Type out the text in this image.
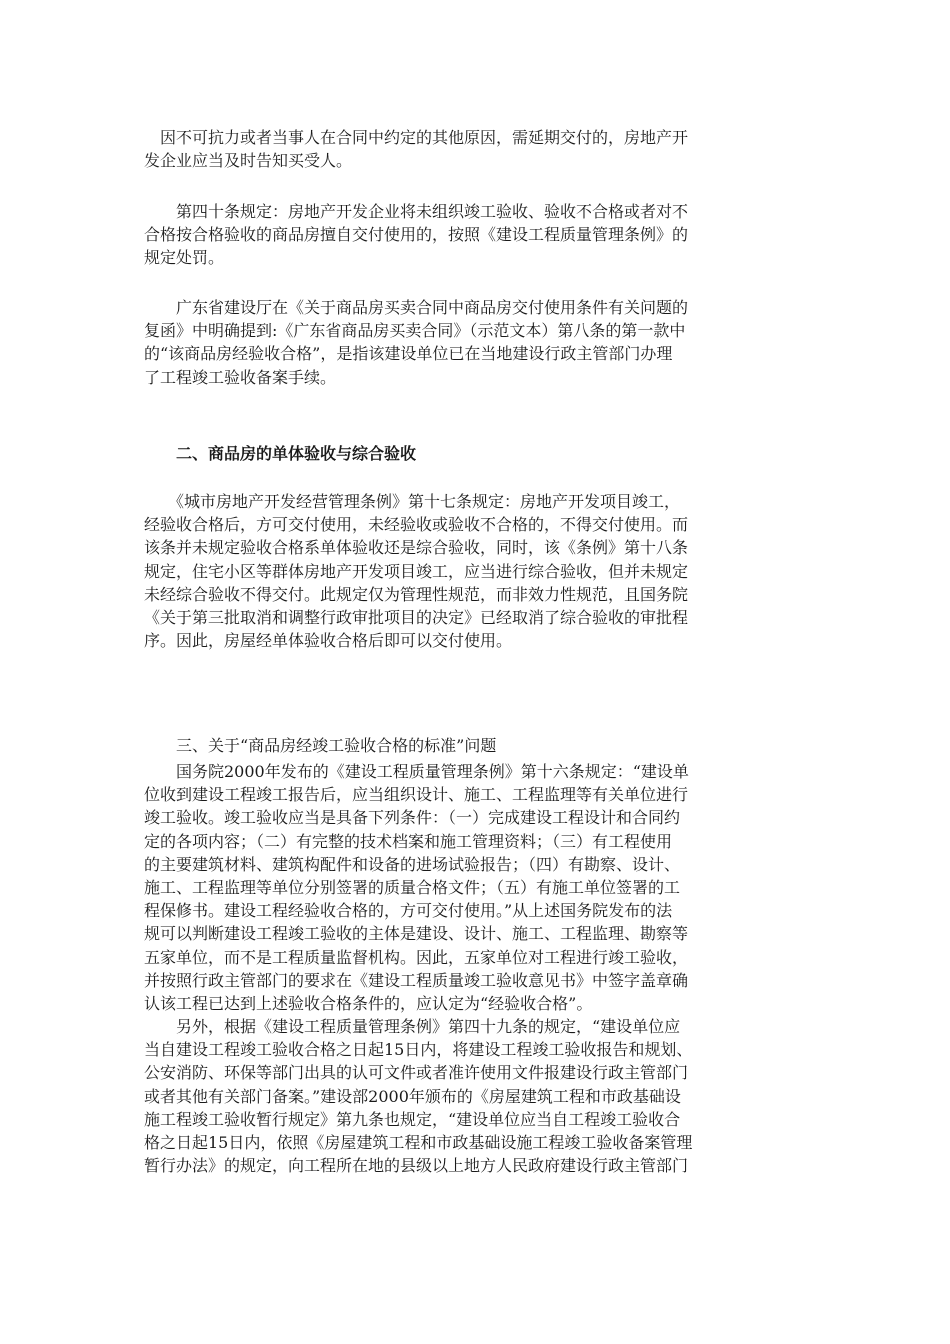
　因不可抗力或者当事人在合同中约定的其他原因，需延期交付的，房地产开
发企业应当及时告知买受人。
　　第四十条规定：房地产开发企业将未组织竣工验收、验收不合格或者对不
合格按合格验收的商品房擅自交付使用的，按照《建设工程质量管理条例》的
规定处罚。
　　广东省建设厅在《关于商品房买卖合同中商品房交付使用条件有关问题的
复函》中明确提到:《广东省商品房买卖合同》（示范文本）第八条的第一款中
的“该商品房经验收合格”，是指该建设单位已在当地建设行政主管部门办理
了工程竣工验收备案手续。
　　二、商品房的单体验收与综合验收
　　《城市房地产开发经营管理条例》第十七条规定：房地产开发项目竣工，
经验收合格后，方可交付使用，未经验收或验收不合格的，不得交付使用。而
该条并未规定验收合格系单体验收还是综合验收，同时，该《条例》第十八条
规定，住宅小区等群体房地产开发项目竣工，应当进行综合验收，但并未规定
未经综合验收不得交付。此规定仅为管理性规范，而非效力性规范，且国务院
《关于第三批取消和调整行政审批项目的决定》已经取消了综合验收的审批程
序。因此，房屋经单体验收合格后即可以交付使用。
　　三、关于“商品房经竣工验收合格的标准”问题
　　国务院2000年发布的《建设工程质量管理条例》第十六条规定：“建设单
位收到建设工程竣工报告后，应当组织设计、施工、工程监理等有关单位进行
竣工验收。竣工验收应当是具备下列条件：（一）完成建设工程设计和合同约
定的各项内容；（二）有完整的技术档案和施工管理资料；（三）有工程使用
的主要建筑材料、建筑构配件和设备的进场试验报告；（四）有勘察、设计、
施工、工程监理等单位分别签署的质量合格文件；（五）有施工单位签署的工
程保修书。建设工程经验收合格的，方可交付使用。”从上述国务院发布的法
规可以判断建设工程竣工验收的主体是建设、设计、施工、工程监理、勘察等
五家单位，而不是工程质量监督机构。因此，五家单位对工程进行竣工验收，
并按照行政主管部门的要求在《建设工程质量竣工验收意见书》中签字盖章确
认该工程已达到上述验收合格条件的，应认定为“经验收合格”。
　　另外，根据《建设工程质量管理条例》第四十九条的规定，“建设单位应
当自建设工程竣工验收合格之日起15日内，将建设工程竣工验收报告和规划、
公安消防、环保等部门出具的认可文件或者准许使用文件报建设行政主管部门
或者其他有关部门备案。”建设部2000年颁布的《房屋建筑工程和市政基础设
施工程竣工验收暂行规定》第九条也规定，“建设单位应当自工程竣工验收合
格之日起15日内，依照《房屋建筑工程和市政基础设施工程竣工验收备案管理
暂行办法》的规定，向工程所在地的县级以上地方人民政府建设行政主管部门
